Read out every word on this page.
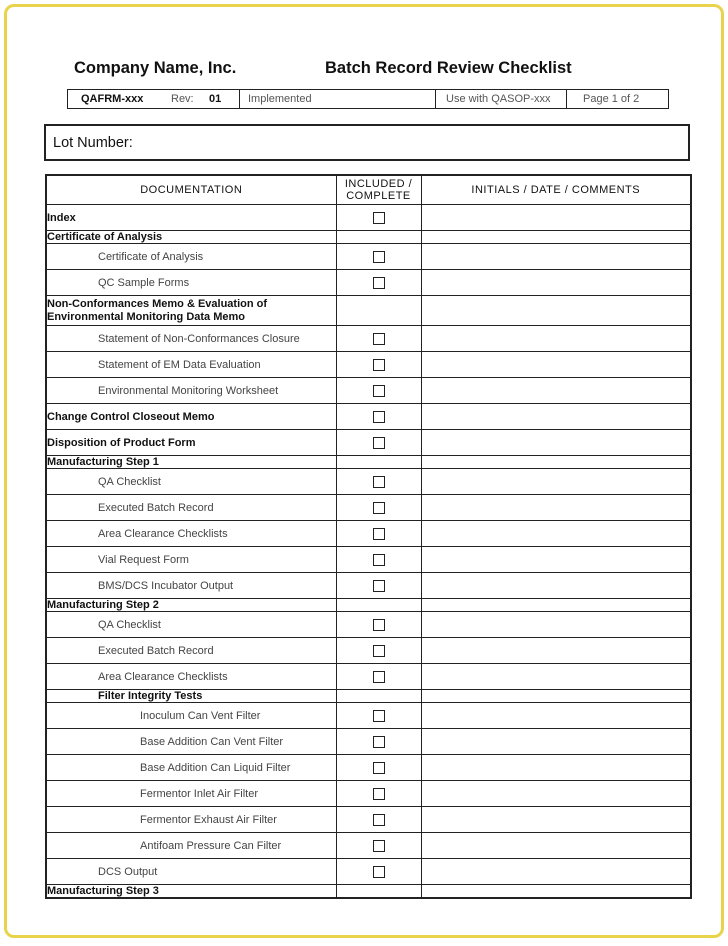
Company Name, Inc.	Batch Record Review Checklist
QAFRM-xxx	Rev:	01	Implemented	Use with QASOP-xxx	Page 1 of 2
Lot Number:
DOCUMENTATION	INCLUDED / COMPLETE	INITIALS / DATE / COMMENTS
Index		
Certificate of Analysis		
Certificate of Analysis		
QC Sample Forms		
Non-Conformances Memo & Evaluation of Environmental Monitoring Data Memo		
Statement of Non-Conformances Closure		
Statement of EM Data Evaluation		
Environmental Monitoring Worksheet		
Change Control Closeout Memo		
Disposition of Product Form		
Manufacturing Step 1		
QA Checklist		
Executed Batch Record		
Area Clearance Checklists		
Vial Request Form		
BMS/DCS Incubator Output		
Manufacturing Step 2		
QA Checklist		
Executed Batch Record		
Area Clearance Checklists		
Filter Integrity Tests		
Inoculum Can Vent Filter		
Base Addition Can Vent Filter		
Base Addition Can Liquid Filter		
Fermentor Inlet Air Filter		
Fermentor Exhaust Air Filter		
Antifoam Pressure Can Filter		
DCS Output		
Manufacturing Step 3		
